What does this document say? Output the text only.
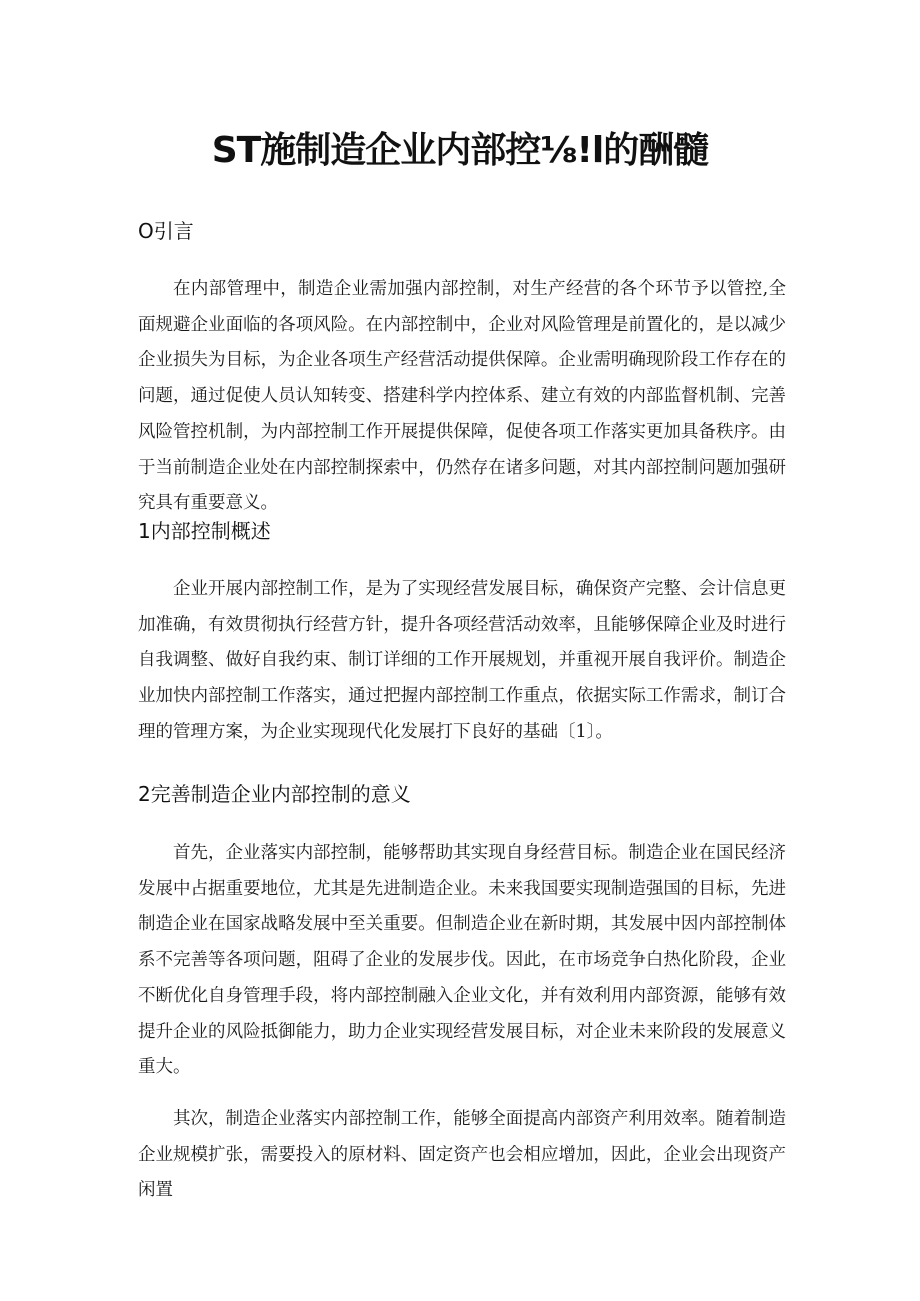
ST施制造企业内部控⅛!l的酬髓
O引言

在内部管理中，制造企业需加强内部控制，对生产经营的各个环节予以管控,全面规避企业面临的各项风险。在内部控制中，企业对风险管理是前置化的，是以减少企业损失为目标，为企业各项生产经营活动提供保障。企业需明确现阶段工作存在的问题，通过促使人员认知转变、搭建科学内控体系、建立有效的内部监督机制、完善风险管控机制，为内部控制工作开展提供保障，促使各项工作落实更加具备秩序。由于当前制造企业处在内部控制探索中，仍然存在诸多问题，对其内部控制问题加强研究具有重要意义。

1内部控制概述

企业开展内部控制工作，是为了实现经营发展目标，确保资产完整、会计信息更加准确，有效贯彻执行经营方针，提升各项经营活动效率，且能够保障企业及时进行自我调整、做好自我约束、制订详细的工作开展规划，并重视开展自我评价。制造企业加快内部控制工作落实，通过把握内部控制工作重点，依据实际工作需求，制订合理的管理方案，为企业实现现代化发展打下良好的基础〔1〕。

2完善制造企业内部控制的意义

首先，企业落实内部控制，能够帮助其实现自身经营目标。制造企业在国民经济发展中占据重要地位，尤其是先进制造企业。未来我国要实现制造强国的目标，先进制造企业在国家战略发展中至关重要。但制造企业在新时期，其发展中因内部控制体系不完善等各项问题，阻碍了企业的发展步伐。因此，在市场竞争白热化阶段，企业不断优化自身管理手段，将内部控制融入企业文化，并有效利用内部资源，能够有效提升企业的风险抵御能力，助力企业实现经营发展目标，对企业未来阶段的发展意义重大。

其次，制造企业落实内部控制工作，能够全面提高内部资产利用效率。随着制造企业规模扩张，需要投入的原材料、固定资产也会相应增加，因此，企业会出现资产闲置
